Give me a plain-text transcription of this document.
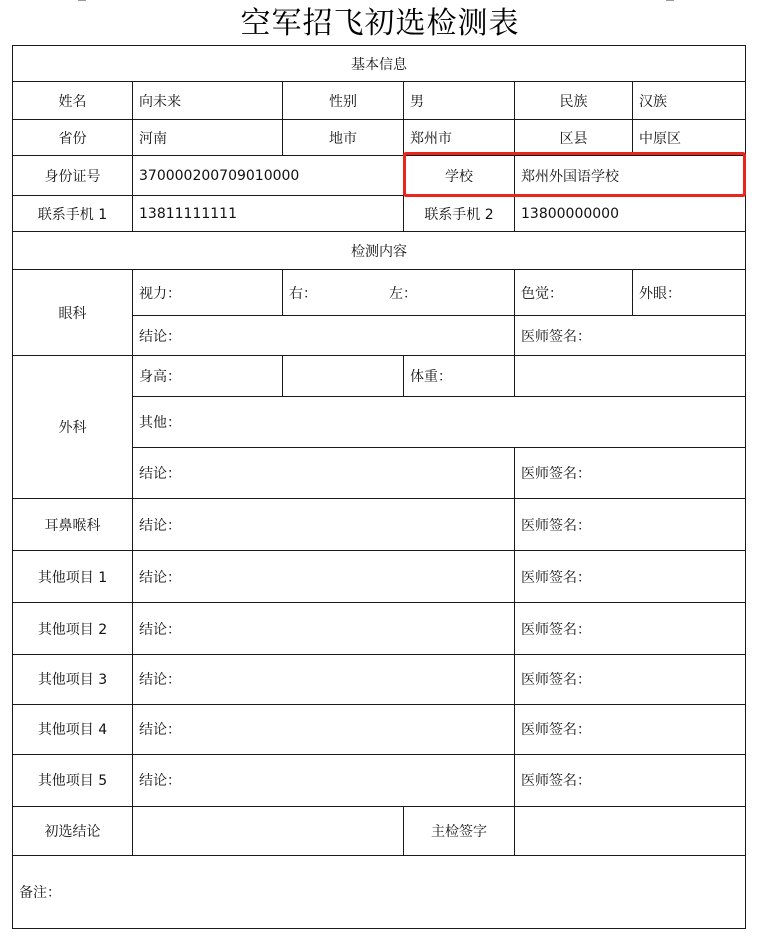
空军招飞初选检测表
基本信息					
姓名	向未来	性别	男	民族	汉族
省份	河南	地市	郑州市	区县	中原区
身份证号	370000200709010000		学校	郑州外国语学校	
联系手机 1	13811111111		联系手机 2	13800000000	
检测内容					
眼科	视力：	右： 左：		色觉：	外眼：
	结论：			医师签名：	
外科	身高：		体重：		
	其他：				
	结论：			医师签名：	
耳鼻喉科	结论：			医师签名：	
其他项目 1	结论：			医师签名：	
其他项目 2	结论：			医师签名：	
其他项目 3	结论：			医师签名：	
其他项目 4	结论：			医师签名：	
其他项目 5	结论：			医师签名：	
初选结论			主检签字		
备注：					
